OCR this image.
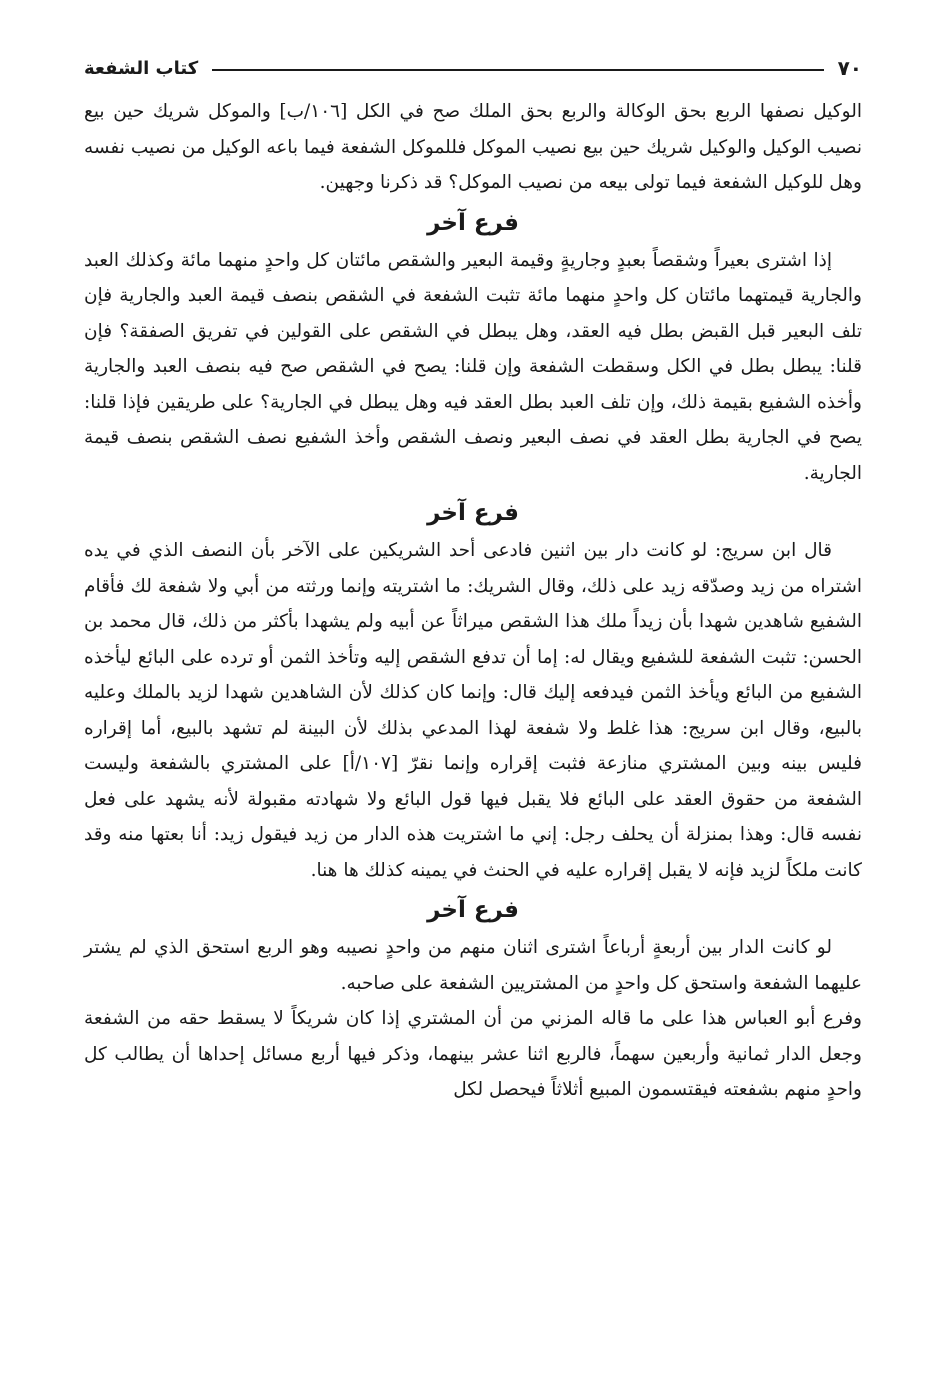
٧٠
كتاب الشفعة

الوكيل نصفها الربع بحق الوكالة والربع بحق الملك صح في الكل [١٠٦/ب] والموكل شريك حين بيع نصيب الوكيل والوكيل شريك حين بيع نصيب الموكل فللموكل الشفعة فيما باعه الوكيل من نصيب نفسه وهل للوكيل الشفعة فيما تولى بيعه من نصيب الموكل؟ قد ذكرنا وجهين.

فرع آخر

إذا اشترى بعيراً وشقصاً بعبدٍ وجاريةٍ وقيمة البعير والشقص مائتان كل واحدٍ منهما مائة وكذلك العبد والجارية قيمتهما مائتان كل واحدٍ منهما مائة تثبت الشفعة في الشقص بنصف قيمة العبد والجارية فإن تلف البعير قبل القبض بطل فيه العقد، وهل يبطل في الشقص على القولين في تفريق الصفقة؟ فإن قلنا: يبطل بطل في الكل وسقطت الشفعة وإن قلنا: يصح في الشقص صح فيه بنصف العبد والجارية وأخذه الشفيع بقيمة ذلك، وإن تلف العبد بطل العقد فيه وهل يبطل في الجارية؟ على طريقين فإذا قلنا: يصح في الجارية بطل العقد في نصف البعير ونصف الشقص وأخذ الشفيع نصف الشقص بنصف قيمة الجارية.

فرع آخر

قال ابن سريج: لو كانت دار بين اثنين فادعى أحد الشريكين على الآخر بأن النصف الذي في يده اشتراه من زيد وصدّقه زيد على ذلك، وقال الشريك: ما اشتريته وإنما ورثته من أبي ولا شفعة لك فأقام الشفيع شاهدين شهدا بأن زيداً ملك هذا الشقص ميراثاً عن أبيه ولم يشهدا بأكثر من ذلك، قال محمد بن الحسن: تثبت الشفعة للشفيع ويقال له: إما أن تدفع الشقص إليه وتأخذ الثمن أو ترده على البائع ليأخذه الشفيع من البائع ويأخذ الثمن فيدفعه إليك قال: وإنما كان كذلك لأن الشاهدين شهدا لزيد بالملك وعليه بالبيع، وقال ابن سريج: هذا غلط ولا شفعة لهذا المدعي بذلك لأن البينة لم تشهد بالبيع، أما إقراره فليس بينه وبين المشتري منازعة فثبت إقراره وإنما نقرّ [١٠٧/أ] على المشتري بالشفعة وليست الشفعة من حقوق العقد على البائع فلا يقبل فيها قول البائع ولا شهادته مقبولة لأنه يشهد على فعل نفسه قال: وهذا بمنزلة أن يحلف رجل: إني ما اشتريت هذه الدار من زيد فيقول زيد: أنا بعتها منه وقد كانت ملكاً لزيد فإنه لا يقبل إقراره عليه في الحنث في يمينه كذلك ها هنا.

فرع آخر

لو كانت الدار بين أربعةٍ أرباعاً اشترى اثنان منهم من واحدٍ نصيبه وهو الربع استحق الذي لم يشتر عليهما الشفعة واستحق كل واحدٍ من المشتريين الشفعة على صاحبه.

وفرع أبو العباس هذا على ما قاله المزني من أن المشتري إذا كان شريكاً لا يسقط حقه من الشفعة وجعل الدار ثمانية وأربعين سهماً، فالربع اثنا عشر بينهما، وذكر فيها أربع مسائل إحداها أن يطالب كل واحدٍ منهم بشفعته فيقتسمون المبيع أثلاثاً فيحصل لكل
